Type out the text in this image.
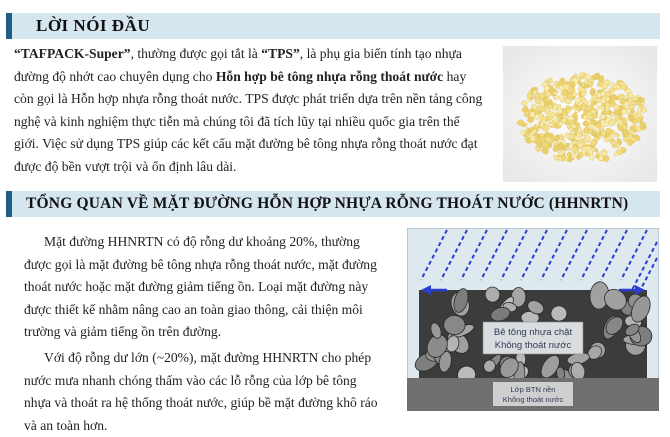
LỜI NÓI ĐẦU

“TAFPACK-Super”, thường được gọi tắt là “TPS”, là phụ gia biến tính tạo nhựa đường độ nhớt cao chuyên dụng cho Hỗn hợp bê tông nhựa rỗng thoát nước hay còn gọi là Hỗn hợp nhựa rỗng thoát nước. TPS được phát triển dựa trên nền tảng công nghệ và kinh nghiệm thực tiễn mà chúng tôi đã tích lũy tại nhiều quốc gia trên thế giới. Việc sử dụng TPS giúp các kết cấu mặt đường bê tông nhựa rỗng thoát nước đạt được độ bền vượt trội và ổn định lâu dài.

TỔNG QUAN VỀ MẶT ĐƯỜNG HỖN HỢP NHỰA RỖNG THOÁT NƯỚC (HHNRTN)

Mặt đường HHNRTN có độ rỗng dư khoảng 20%, thường được gọi là mặt đường bê tông nhựa rỗng thoát nước, mặt đường thoát nước hoặc mặt đường giảm tiếng ồn. Loại mặt đường này được thiết kế nhằm nâng cao an toàn giao thông, cải thiện môi trường và giảm tiếng ồn trên đường.

Với độ rỗng dư lớn (~20%), mặt đường HHNRTN cho phép nước mưa nhanh chóng thấm vào các lỗ rỗng của lớp bê tông nhựa và thoát ra hệ thống thoát nước, giúp bề mặt đường khô ráo và an toàn hơn.

Bê tông nhựa chặt
Không thoát nước
Lớp BTN nền
Không thoát nước
